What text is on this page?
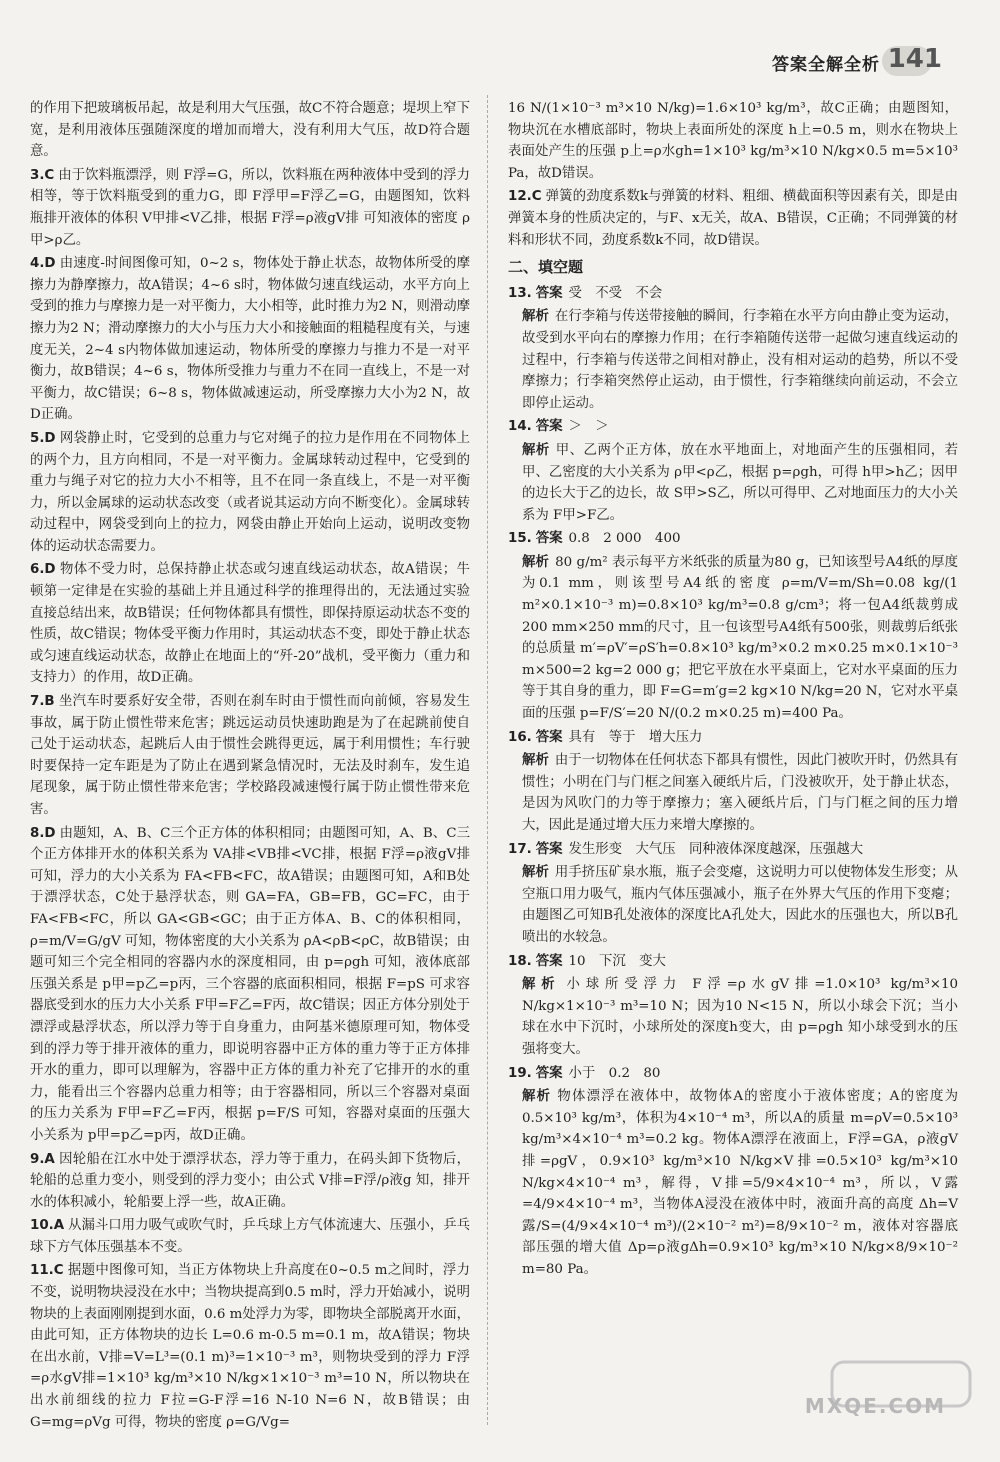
答案全解全析 141
的作用下把玻璃板吊起，故是利用大气压强，故C不符合题意；堤坝上窄下宽，是利用液体压强随深度的增加而增大，没有利用大气压，故D符合题意。
3.C 由于饮料瓶漂浮，则 F浮=G，所以，饮料瓶在两种液体中受到的浮力相等，等于饮料瓶受到的重力G，即 F浮甲=F浮乙=G，由题图知，饮料瓶排开液体的体积 V甲排<V乙排，根据 F浮=ρ液gV排 可知液体的密度 ρ甲>ρ乙。
4.D 由速度-时间图像可知，0~2 s，物体处于静止状态，故物体所受的摩擦力为静摩擦力，故A错误；4~6 s时，物体做匀速直线运动，水平方向上受到的推力与摩擦力是一对平衡力，大小相等，此时推力为2 N，则滑动摩擦力为2 N；滑动摩擦力的大小与压力大小和接触面的粗糙程度有关，与速度无关，2~4 s内物体做加速运动，物体所受的摩擦力与推力不是一对平衡力，故B错误；4~6 s，物体所受推力与重力不在同一直线上，不是一对平衡力，故C错误；6~8 s，物体做减速运动，所受摩擦力大小为2 N，故D正确。
5.D 网袋静止时，它受到的总重力与它对绳子的拉力是作用在不同物体上的两个力，且方向相同，不是一对平衡力。金属球转动过程中，它受到的重力与绳子对它的拉力大小不相等，且不在同一条直线上，不是一对平衡力，所以金属球的运动状态改变（或者说其运动方向不断变化）。金属球转动过程中，网袋受到向上的拉力，网袋由静止开始向上运动，说明改变物体的运动状态需要力。
6.D 物体不受力时，总保持静止状态或匀速直线运动状态，故A错误；牛顿第一定律是在实验的基础上并且通过科学的推理得出的，无法通过实验直接总结出来，故B错误；任何物体都具有惯性，即保持原运动状态不变的性质，故C错误；物体受平衡力作用时，其运动状态不变，即处于静止状态或匀速直线运动状态，故静止在地面上的“歼-20”战机，受平衡力（重力和支持力）的作用，故D正确。
7.B 坐汽车时要系好安全带，否则在刹车时由于惯性而向前倾，容易发生事故，属于防止惯性带来危害；跳远运动员快速助跑是为了在起跳前使自己处于运动状态，起跳后人由于惯性会跳得更远，属于利用惯性；车行驶时要保持一定车距是为了防止在遇到紧急情况时，无法及时刹车，发生追尾现象，属于防止惯性带来危害；学校路段减速慢行属于防止惯性带来危害。
8.D 由题知，A、B、C三个正方体的体积相同；由题图可知，A、B、C三个正方体排开水的体积关系为 VA排<VB排<VC排，根据 F浮=ρ液gV排 可知，浮力的大小关系为 FA<FB<FC，故A错误；由题图可知，A和B处于漂浮状态，C处于悬浮状态，则 GA=FA，GB=FB，GC=FC，由于 FA<FB<FC，所以 GA<GB<GC；由于正方体A、B、C的体积相同，ρ=m/V=G/gV 可知，物体密度的大小关系为 ρA<ρB<ρC，故B错误；由题可知三个完全相同的容器内水的深度相同，由 p=ρgh 可知，液体底部压强关系是 p甲=p乙=p丙，三个容器的底面积相同，根据 F=pS 可求容器底受到水的压力大小关系 F甲=F乙=F丙，故C错误；因正方体分别处于漂浮或悬浮状态，所以浮力等于自身重力，由阿基米德原理可知，物体受到的浮力等于排开液体的重力，即说明容器中正方体的重力等于正方体排开水的重力，即可以理解为，容器中正方体的重力补充了它排开的水的重力，能看出三个容器内总重力相等；由于容器相同，所以三个容器对桌面的压力关系为 F甲=F乙=F丙，根据 p=F/S 可知，容器对桌面的压强大小关系为 p甲=p乙=p丙，故D正确。
9.A 因轮船在江水中处于漂浮状态，浮力等于重力，在码头卸下货物后，轮船的总重力变小，则受到的浮力变小；由公式 V排=F浮/ρ液g 知，排开水的体积减小，轮船要上浮一些，故A正确。
10.A 从漏斗口用力吸气或吹气时，乒乓球上方气体流速大、压强小，乒乓球下方气体压强基本不变。
11.C 据题中图像可知，当正方体物块上升高度在0~0.5 m之间时，浮力不变，说明物块浸没在水中；当物块提高到0.5 m时，浮力开始减小，说明物块的上表面刚刚提到水面，0.6 m处浮力为零，即物块全部脱离开水面，由此可知，正方体物块的边长 L=0.6 m-0.5 m=0.1 m，故A错误；物块在出水前，V排=V=L³=(0.1 m)³=1×10⁻³ m³，则物块受到的浮力 F浮=ρ水gV排=1×10³ kg/m³×10 N/kg×1×10⁻³ m³=10 N，所以物块在出水前细线的拉力 F拉=G-F浮=16 N-10 N=6 N，故B错误；由 G=mg=ρVg 可得，物块的密度 ρ=G/Vg=
16 N/(1×10⁻³ m³×10 N/kg)=1.6×10³ kg/m³，故C正确；由题图知，物块沉在水槽底部时，物块上表面所处的深度 h上=0.5 m，则水在物块上表面处产生的压强 p上=ρ水gh=1×10³ kg/m³×10 N/kg×0.5 m=5×10³ Pa，故D错误。
12.C 弹簧的劲度系数k与弹簧的材料、粗细、横截面积等因素有关，即是由弹簧本身的性质决定的，与F、x无关，故A、B错误，C正确；不同弹簧的材料和形状不同，劲度系数k不同，故D错误。
二、填空题
13. 答案 受　不受　不会
解析 在行李箱与传送带接触的瞬间，行李箱在水平方向由静止变为运动，故受到水平向右的摩擦力作用；在行李箱随传送带一起做匀速直线运动的过程中，行李箱与传送带之间相对静止，没有相对运动的趋势，所以不受摩擦力；行李箱突然停止运动，由于惯性，行李箱继续向前运动，不会立即停止运动。
14. 答案 ＞　＞
解析 甲、乙两个正方体，放在水平地面上，对地面产生的压强相同，若甲、乙密度的大小关系为 ρ甲<ρ乙，根据 p=ρgh，可得 h甲>h乙；因甲的边长大于乙的边长，故 S甲>S乙，所以可得甲、乙对地面压力的大小关系为 F甲>F乙。
15. 答案 0.8　2 000　400
解析 80 g/m² 表示每平方米纸张的质量为80 g，已知该型号A4纸的厚度为0.1 mm，则该型号A4纸的密度 ρ=m/V=m/Sh=0.08 kg/(1 m²×0.1×10⁻³ m)=0.8×10³ kg/m³=0.8 g/cm³；将一包A4纸裁剪成200 mm×250 mm的尺寸，且一包该型号A4纸有500张，则裁剪后纸张的总质量 m′=ρV′=ρS′h=0.8×10³ kg/m³×0.2 m×0.25 m×0.1×10⁻³ m×500=2 kg=2 000 g；把它平放在水平桌面上，它对水平桌面的压力等于其自身的重力，即 F=G=m′g=2 kg×10 N/kg=20 N，它对水平桌面的压强 p=F/S′=20 N/(0.2 m×0.25 m)=400 Pa。
16. 答案 具有　等于　增大压力
解析 由于一切物体在任何状态下都具有惯性，因此门被吹开时，仍然具有惯性；小明在门与门框之间塞入硬纸片后，门没被吹开，处于静止状态，是因为风吹门的力等于摩擦力；塞入硬纸片后，门与门框之间的压力增大，因此是通过增大压力来增大摩擦的。
17. 答案 发生形变　大气压　同种液体深度越深，压强越大
解析 用手挤压矿泉水瓶，瓶子会变瘪，这说明力可以使物体发生形变；从空瓶口用力吸气，瓶内气体压强减小，瓶子在外界大气压的作用下变瘪；由题图乙可知B孔处液体的深度比A孔处大，因此水的压强也大，所以B孔喷出的水较急。
18. 答案 10　下沉　变大
解析 小球所受浮力 F浮=ρ水gV排=1.0×10³ kg/m³×10 N/kg×1×10⁻³ m³=10 N；因为10 N<15 N，所以小球会下沉；当小球在水中下沉时，小球所处的深度h变大，由 p=ρgh 知小球受到水的压强将变大。
19. 答案 小于　0.2　80
解析 物体漂浮在液体中，故物体A的密度小于液体密度；A的密度为0.5×10³ kg/m³，体积为4×10⁻⁴ m³，所以A的质量 m=ρV=0.5×10³ kg/m³×4×10⁻⁴ m³=0.2 kg。物体A漂浮在液面上，F浮=GA，ρ液gV排=ρgV，0.9×10³ kg/m³×10 N/kg×V排=0.5×10³ kg/m³×10 N/kg×4×10⁻⁴ m³，解得，V排=5/9×4×10⁻⁴ m³，所以，V露=4/9×4×10⁻⁴ m³，当物体A浸没在液体中时，液面升高的高度 Δh=V露/S=(4/9×4×10⁻⁴ m³)/(2×10⁻² m²)=8/9×10⁻² m，液体对容器底部压强的增大值 Δp=ρ液gΔh=0.9×10³ kg/m³×10 N/kg×8/9×10⁻² m=80 Pa。
MXQE.COM
